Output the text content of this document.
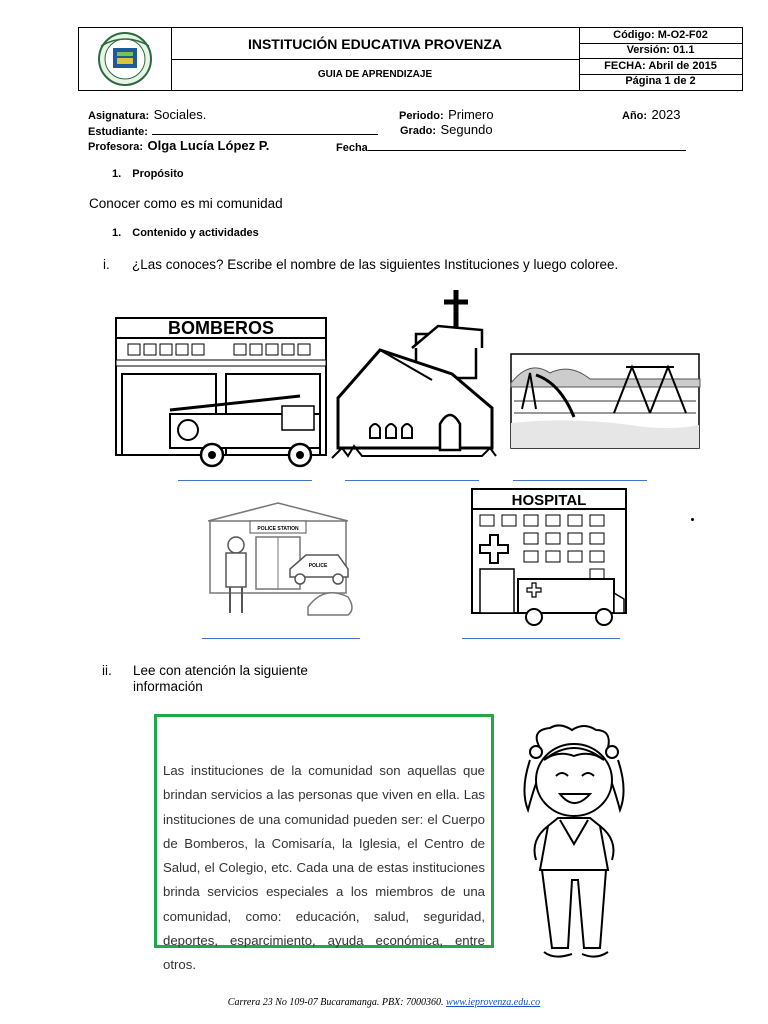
INSTITUCIÓN EDUCATIVA PROVENZA
GUIA DE APRENDIZAJE
Código: M-O2-F02
Versión: 01.1
FECHA: Abril de 2015
Página 1 de 2
Asignatura: Sociales.	Periodo: Primero	Año: 2023
Estudiante:	Grado: Segundo
Profesora: Olga Lucía López P.	Fecha
1. Propósito
Conocer como es mi comunidad
1. Contenido y actividades
i. ¿Las conoces? Escribe el nombre de las siguientes Instituciones y luego coloree.
BOMBEROS
POLICE STATION
POLICE
HOSPITAL
ii. Lee con atención la siguiente
información
Las instituciones de la comunidad son aquellas que brindan servicios a las personas que viven en ella. Las instituciones de una comunidad pueden ser: el Cuerpo de Bomberos, la Comisaría, la Iglesia, el Centro de Salud, el Colegio, etc. Cada una de estas instituciones brinda servicios especiales a los miembros de una comunidad, como: educación, salud, seguridad, deportes, esparcimiento, ayuda económica, entre otros.
Carrera 23 No 109-07 Bucaramanga. PBX: 7000360. www.ieprovenza.edu.co
